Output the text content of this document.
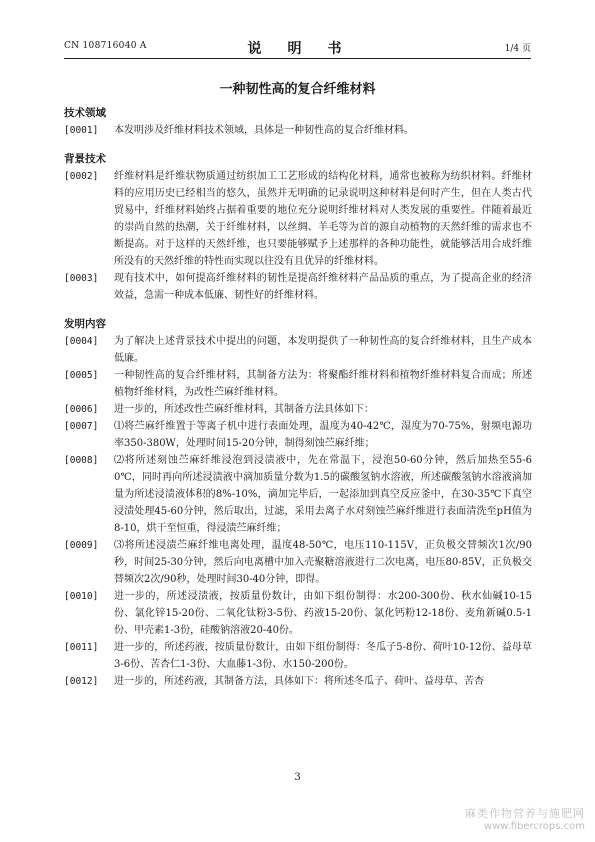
CN 108716040 A	说　明　书	1/4 页
一种韧性高的复合纤维材料
技术领域
[0001]	本发明涉及纤维材料技术领域，具体是一种韧性高的复合纤维材料。
背景技术
[0002]	纤维材料是纤维状物质通过纺织加工工艺形成的结构化材料，通常也被称为纺织材料。纤维材料的应用历史已经相当的悠久，虽然并无明确的记录说明这种材料是何时产生，但在人类古代贸易中，纤维材料始终占据着重要的地位充分说明纤维材料对人类发展的重要性。伴随着最近的崇尚自然的热潮，关于纤维材料，以丝绸、羊毛等为首的源自动植物的天然纤维的需求也不断提高。对于这样的天然纤维，也只要能够赋予上述那样的各种功能性，就能够活用合成纤维所没有的天然纤维的特性而实现以往没有且优异的纤维材料。
[0003]	现有技术中，如何提高纤维材料的韧性是提高纤维材料产品品质的重点，为了提高企业的经济效益，急需一种成本低廉、韧性好的纤维材料。
发明内容
[0004]	为了解决上述背景技术中提出的问题，本发明提供了一种韧性高的复合纤维材料，且生产成本低廉。
[0005]	一种韧性高的复合纤维材料，其制备方法为：将聚酯纤维材料和植物纤维材料复合而成；所述植物纤维材料，为改性苎麻纤维材料。
[0006]	进一步的，所述改性苎麻纤维材料，其制备方法具体如下：
[0007]	⑴将苎麻纤维置于等离子机中进行表面处理，温度为40-42℃，湿度为70-75%，射频电源功率350-380W，处理时间15-20分钟，制得刻蚀苎麻纤维；
[0008]	⑵将所述刻蚀苎麻纤维浸泡到浸渍液中，先在常温下，浸泡50-60分钟，然后加热至55-60℃，同时再向所述浸渍液中滴加质量分数为1.5的碳酸氢钠水溶液，所述碳酸氢钠水溶液滴加量为所述浸渍液体积的8%-10%，滴加完毕后，一起添加到真空反应釜中，在30-35℃下真空浸渍处理45-60分钟，然后取出，过滤，采用去离子水对刻蚀苎麻纤维进行表面清洗至pH值为8-10，烘干至恒重，得浸渍苎麻纤维；
[0009]	⑶将所述浸渍苎麻纤维电离处理，温度48-50℃，电压110-115V，正负极交替频次1次/90秒，时间25-30分钟，然后向电离槽中加入壳聚糖溶液进行二次电离，电压80-85V，正负极交替频次2次/90秒，处理时间30-40分钟，即得。
[0010]	进一步的，所述浸渍液，按质量份数计，由如下组份制得：水200-300份、秋水仙碱10-15份、氯化锌15-20份、二氧化钛粉3-5份、药液15-20份、氯化钙粉12-18份、麦角新碱0.5-1份、甲壳素1-3份，硅酸钠溶液20-40份。
[0011]	进一步的，所述药液，按质量份数计，由如下组份制得：冬瓜子5-8份、荷叶10-12份、益母草3-6份、苦杏仁1-3份、大血藤1-3份、水150-200份。
[0012]	进一步的，所述药液，其制备方法，具体如下：将所述冬瓜子、荷叶、益母草、苦杏
3
麻类作物营养与施肥网
www.fibercrops.com
